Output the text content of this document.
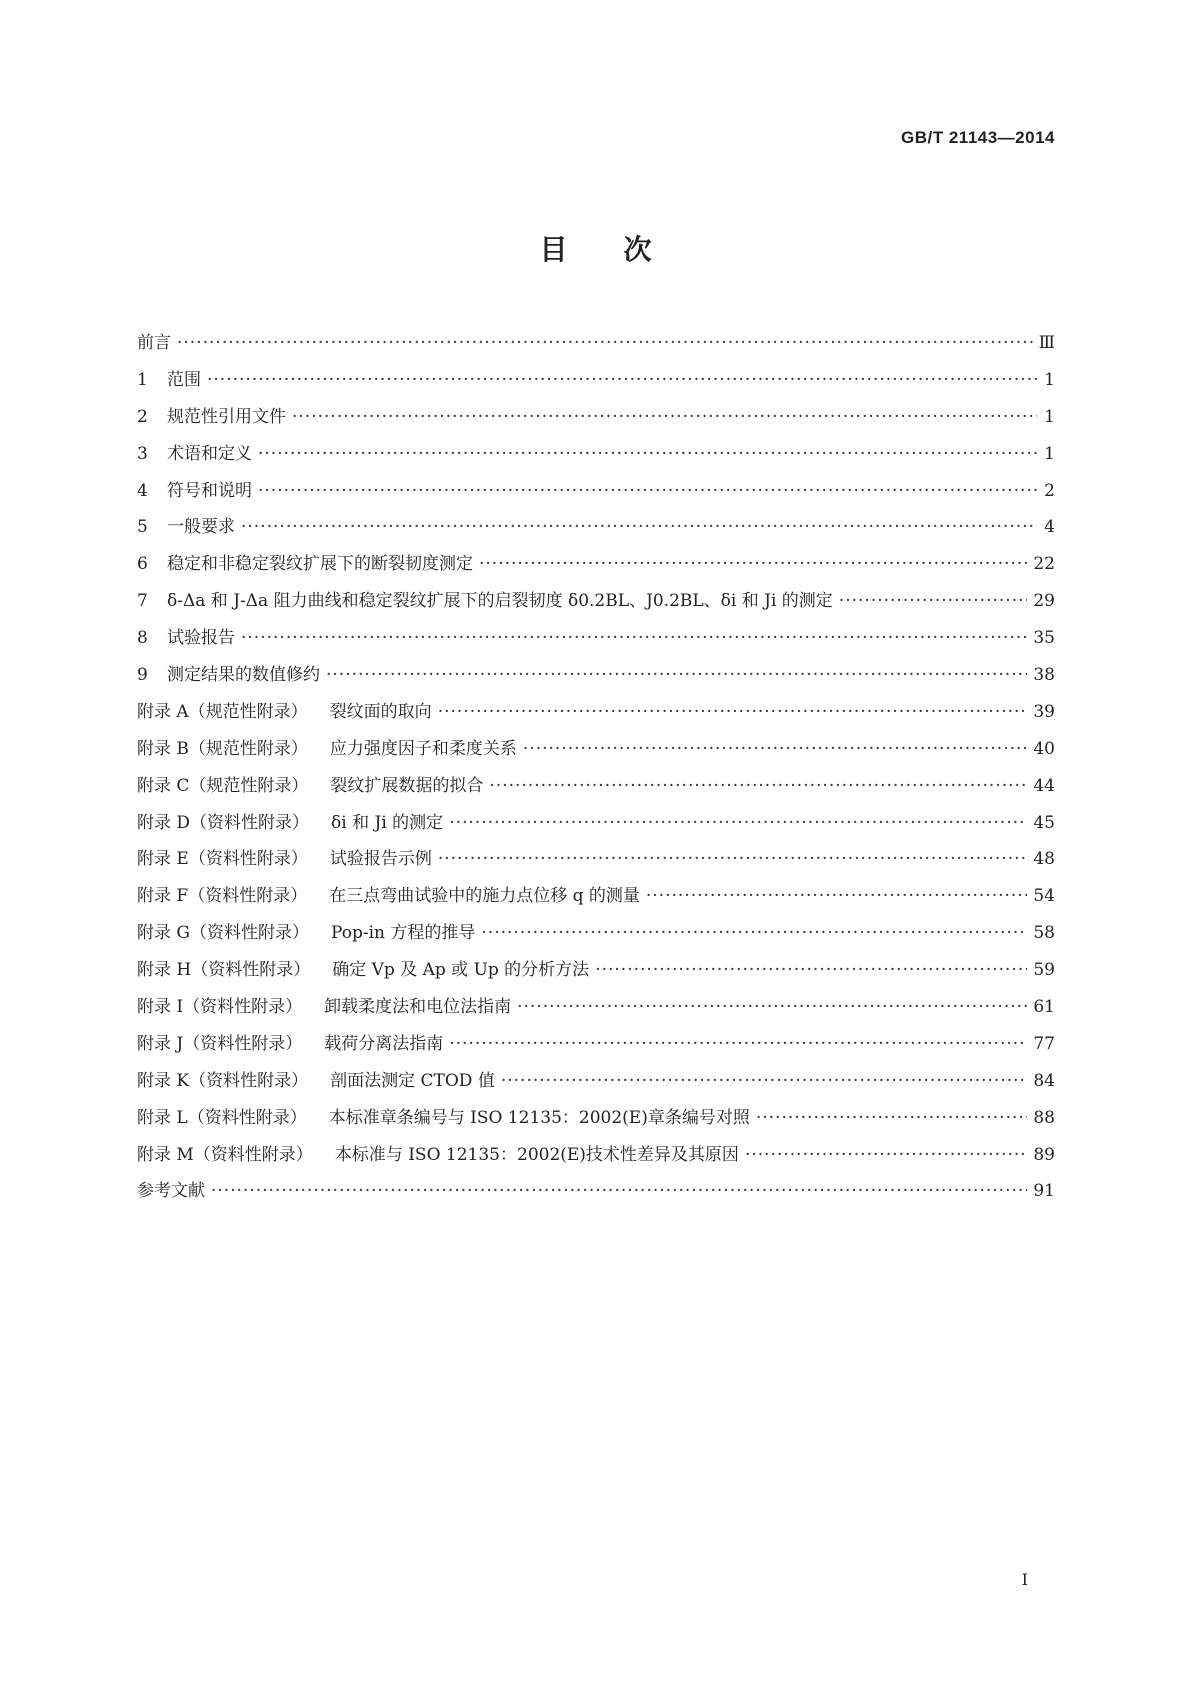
GB/T 21143—2014
目次
前言 ·····	Ⅲ
1 范围 ·····	1
2 规范性引用文件 ·····	1
3 术语和定义 ·····	1
4 符号和说明 ·····	2
5 一般要求 ·····	4
6 稳定和非稳定裂纹扩展下的断裂韧度测定 ·····	22
7 δ-Δa 和 J-Δa 阻力曲线和稳定裂纹扩展下的启裂韧度 δ0.2BL、J0.2BL、δi 和 Ji 的测定 ·····	29
8 试验报告 ·····	35
9 测定结果的数值修约 ·····	38
附录 A（规范性附录） 裂纹面的取向 ·····	39
附录 B（规范性附录） 应力强度因子和柔度关系 ·····	40
附录 C（规范性附录） 裂纹扩展数据的拟合 ·····	44
附录 D（资料性附录） δi 和 Ji 的测定 ·····	45
附录 E（资料性附录） 试验报告示例 ·····	48
附录 F（资料性附录） 在三点弯曲试验中的施力点位移 q 的测量 ·····	54
附录 G（资料性附录） Pop-in 方程的推导 ·····	58
附录 H（资料性附录） 确定 Vp 及 Ap 或 Up 的分析方法 ·····	59
附录 I（资料性附录） 卸载柔度法和电位法指南 ·····	61
附录 J（资料性附录） 载荷分离法指南 ·····	77
附录 K（资料性附录） 剖面法测定 CTOD 值 ·····	84
附录 L（资料性附录） 本标准章条编号与 ISO 12135：2002(E)章条编号对照 ·····	88
附录 M（资料性附录） 本标准与 ISO 12135：2002(E)技术性差异及其原因 ·····	89
参考文献 ·····	91
I
